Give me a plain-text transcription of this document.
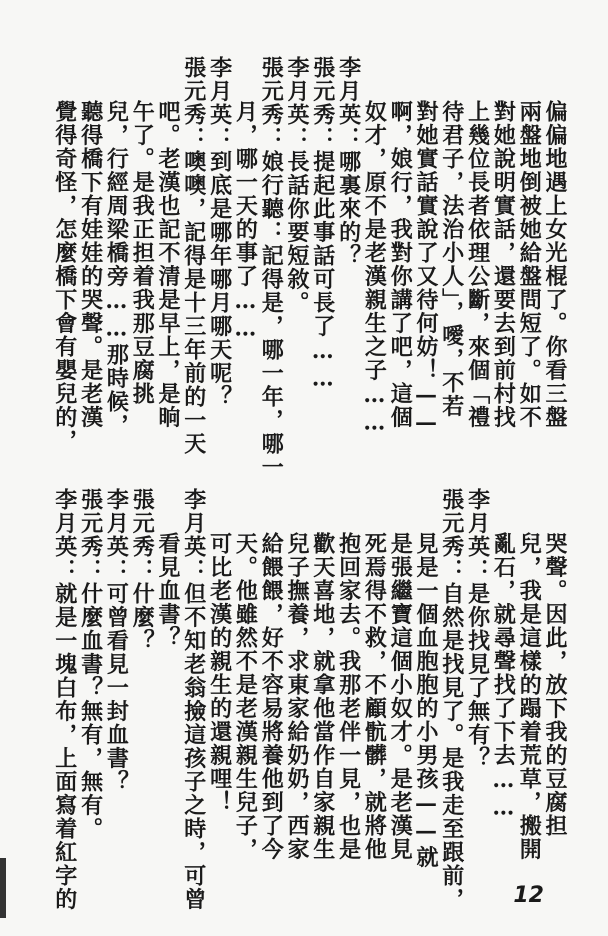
偏偏地遇上女光棍了。你看三盤
兩盤地倒被她給盤問短了。如不
對她說明實話，還要去到前村找
上幾位長者依理公斷，來個「禮
待君子，法治小人」，噯，不若
對她實話實說了又待何妨！——
啊，娘行，我對你講了吧，這個
奴才，原不是老漢親生之子……
李月英：哪裏來的？
張元秀：提起此事話可長了……
李月英：長話你要短敘。
張元秀：娘行聽：記得是，哪一年，哪一
月，哪一天的事了……
李月英：到底是哪年哪月哪天呢？
張元秀：噢噢，記得是十三年前的一天
吧。老漢也記不清是早上，是晌
午了。是我正担着我那豆腐挑
兒，行經周梁橋旁……那時候，
聽得橋下有娃娃的哭聲。是老漢
覺得奇怪，怎麼橋下會有嬰兒的，
哭聲。因此，放下我的豆腐担
兒，我是這樣的蹋着荒草，搬開
亂石，就尋聲找了下去……
李月英：是你找見了無有？
張元秀：自然是找見了。是我走至跟前，
見是一個血胞胞的小男孩——就
是張繼寶這個小奴才。是老漢見
死焉得不救，不顧骯髒，就將他
抱回家去。我那老伴一見，也是
歡天喜地，就拿他當作自家親生
兒子撫養，求東家給奶奶，西家
給餵餵，好不容易將養他到了今
天。他雖然不是老漢親生兒子，
可比老漢的親生的還親哩！
李月英：但不知老翁撿這孩子之時，可曾
看見血書？
張元秀：什麼？
李月英：可曾看見一封血書？
張元秀：什麼血書？無有，無有。
李月英：就是一塊白布，上面寫着紅字的	12
